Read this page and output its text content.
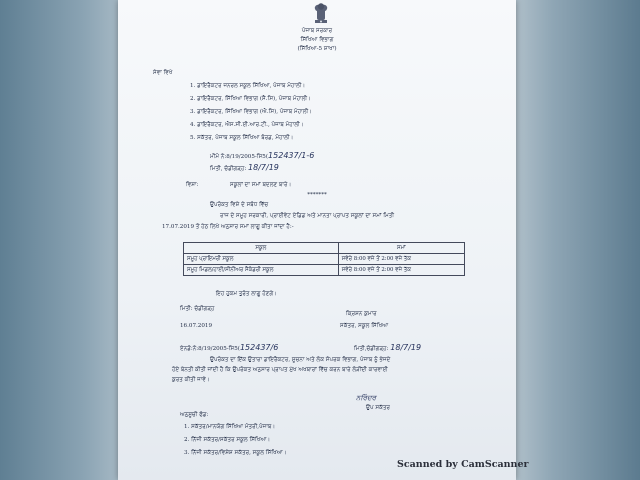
ਪੰਜਾਬ ਸਰਕਾਰ
ਸਿੱਖਿਆ ਵਿਭਾਗ
(ਸਿੱਖਿਆ-5 ਸ਼ਾਖਾ)
ਸੇਵਾ ਵਿਖੇ
1. ਡਾਇਰੈਕਟਰ ਜਨਰਲ ਸਕੂਲ ਸਿੱਖਿਆ, ਪੰਜਾਬ ਮੋਹਾਲੀ।
2. ਡਾਇਰੈਕਟਰ, ਸਿੱਖਿਆ ਵਿਭਾਗ (ਸੈ.ਸਿ), ਪੰਜਾਬ ਮੋਹਾਲੀ।
3. ਡਾਇਰੈਕਟਰ, ਸਿੱਖਿਆ ਵਿਭਾਗ (ਐ.ਸਿ), ਪੰਜਾਬ ਮੋਹਾਲੀ।
4. ਡਾਇਰੈਕਟਰ, ਐਸ.ਸੀ.ਈ.ਆਰ.ਟੀ., ਪੰਜਾਬ ਮੋਹਾਲੀ।
5. ਸਕੱਤਰ, ਪੰਜਾਬ ਸਕੂਲ ਸਿੱਖਿਆ ਬੋਰਡ, ਮੋਹਾਲੀ।
ਮੀਮੋ ਨੰ:8/19/2005-ਸਿ5(152437/1-6
ਮਿਤੀ, ਚੰਡੀਗੜ੍ਹ: 18/7/19
ਵਿਸ਼ਾ:	ਸਕੂਲਾਂ ਦਾ ਸਮਾਂ ਬਦਲਣ ਬਾਰੇ।
*******
ਉਪਰੋਕਤ ਵਿਸ਼ੇ ਦੇ ਸਬੰਧ ਵਿੱਚ
ਰਾਜ ਦੇ ਸਮੂਹ ਸਰਕਾਰੀ, ਪ੍ਰਾਈਵੇਟ ਏਡਿਡ ਅਤੇ ਮਾਨਤਾ ਪ੍ਰਾਪਤ ਸਕੂਲਾਂ ਦਾ ਸਮਾਂ ਮਿਤੀ
17.07.2019 ਤੋਂ ਹੇਠ ਲਿਖੇ ਅਨੁਸਾਰ ਸਮਾਂ ਲਾਗੂ ਕੀਤਾ ਜਾਂਦਾ ਹੈ:-
ਸਕੂਲ	ਸਮਾਂ
ਸਮੂਹ ਪ੍ਰਾਇਮਰੀ ਸਕੂਲ	ਸਵੇਰੇ 8:00 ਵਜੇ ਤੋਂ 2:00 ਵਜੇ ਤੱਕ
ਸਮੂਹ ਮਿਡਲ/ਹਾਈ/ਸੀਨੀਅਰ ਸੈਕੰਡਰੀ ਸਕੂਲ	ਸਵੇਰੇ 8:00 ਵਜੇ ਤੋਂ 2:00 ਵਜੇ ਤੱਕ
ਇਹ ਹੁਕਮ ਤੁਰੰਤ ਲਾਗੂ ਹੋਣਗੇ।
ਮਿਤੀ: ਚੰਡੀਗੜ੍ਹ
16.07.2019
ਕ੍ਰਿਸ਼ਨ ਕੁਮਾਰ
ਸਕੱਤਰ, ਸਕੂਲ ਸਿੱਖਿਆ
ਏਨਡੋ:ਨੰ:8/19/2005-ਸਿ5(152437/6	ਮਿਤੀ,ਚੰਡੀਗੜ੍ਹ: 18/7/19
ਉਪਰੋਕਤ ਦਾ ਇੱਕ ਉਤਾਰਾ ਡਾਇਰੈਕਟਰ, ਸੂਚਨਾ ਅਤੇ ਲੋਕ ਸੰਪਰਕ ਵਿਭਾਗ, ਪੰਜਾਬ ਨੂੰ ਭੇਜਦੇ
ਹੋਏ ਬੇਨਤੀ ਕੀਤੀ ਜਾਂਦੀ ਹੈ ਕਿ ਉਪਰੋਕਤ ਅਨੁਸਾਰ ਪ੍ਰਾਪਤ ਮੁੱਖ ਅਖਬਾਰਾਂ ਵਿੱਚ ਕਰਨ ਬਾਰੇ ਲੋੜੀਂਦੀ ਕਾਰਵਾਈ
ਕੁਰਤ ਕੀਤੀ ਜਾਵੇ।
ਨਰਿੰਦਰ
ਉਪ ਸਕੱਤਰ
ਅਨੁਸੂਚੀ ਫੰਡ:
1. ਸਕੱਤਰ/ਮਾਨਯੋਗ ਸਿੱਖਿਆ ਮੰਤਰੀ,ਪੰਜਾਬ।
2. ਨਿੱਜੀ ਸਕੱਤਰ/ਸਕੱਤਰ ਸਕੂਲ ਸਿੱਖਿਆ।
3. ਨਿੱਜੀ ਸਕੱਤਰ/ਵਿਸ਼ੇਸ਼ ਸਕੱਤਰ, ਸਕੂਲ ਸਿੱਖਿਆ।
Scanned by CamScanner
